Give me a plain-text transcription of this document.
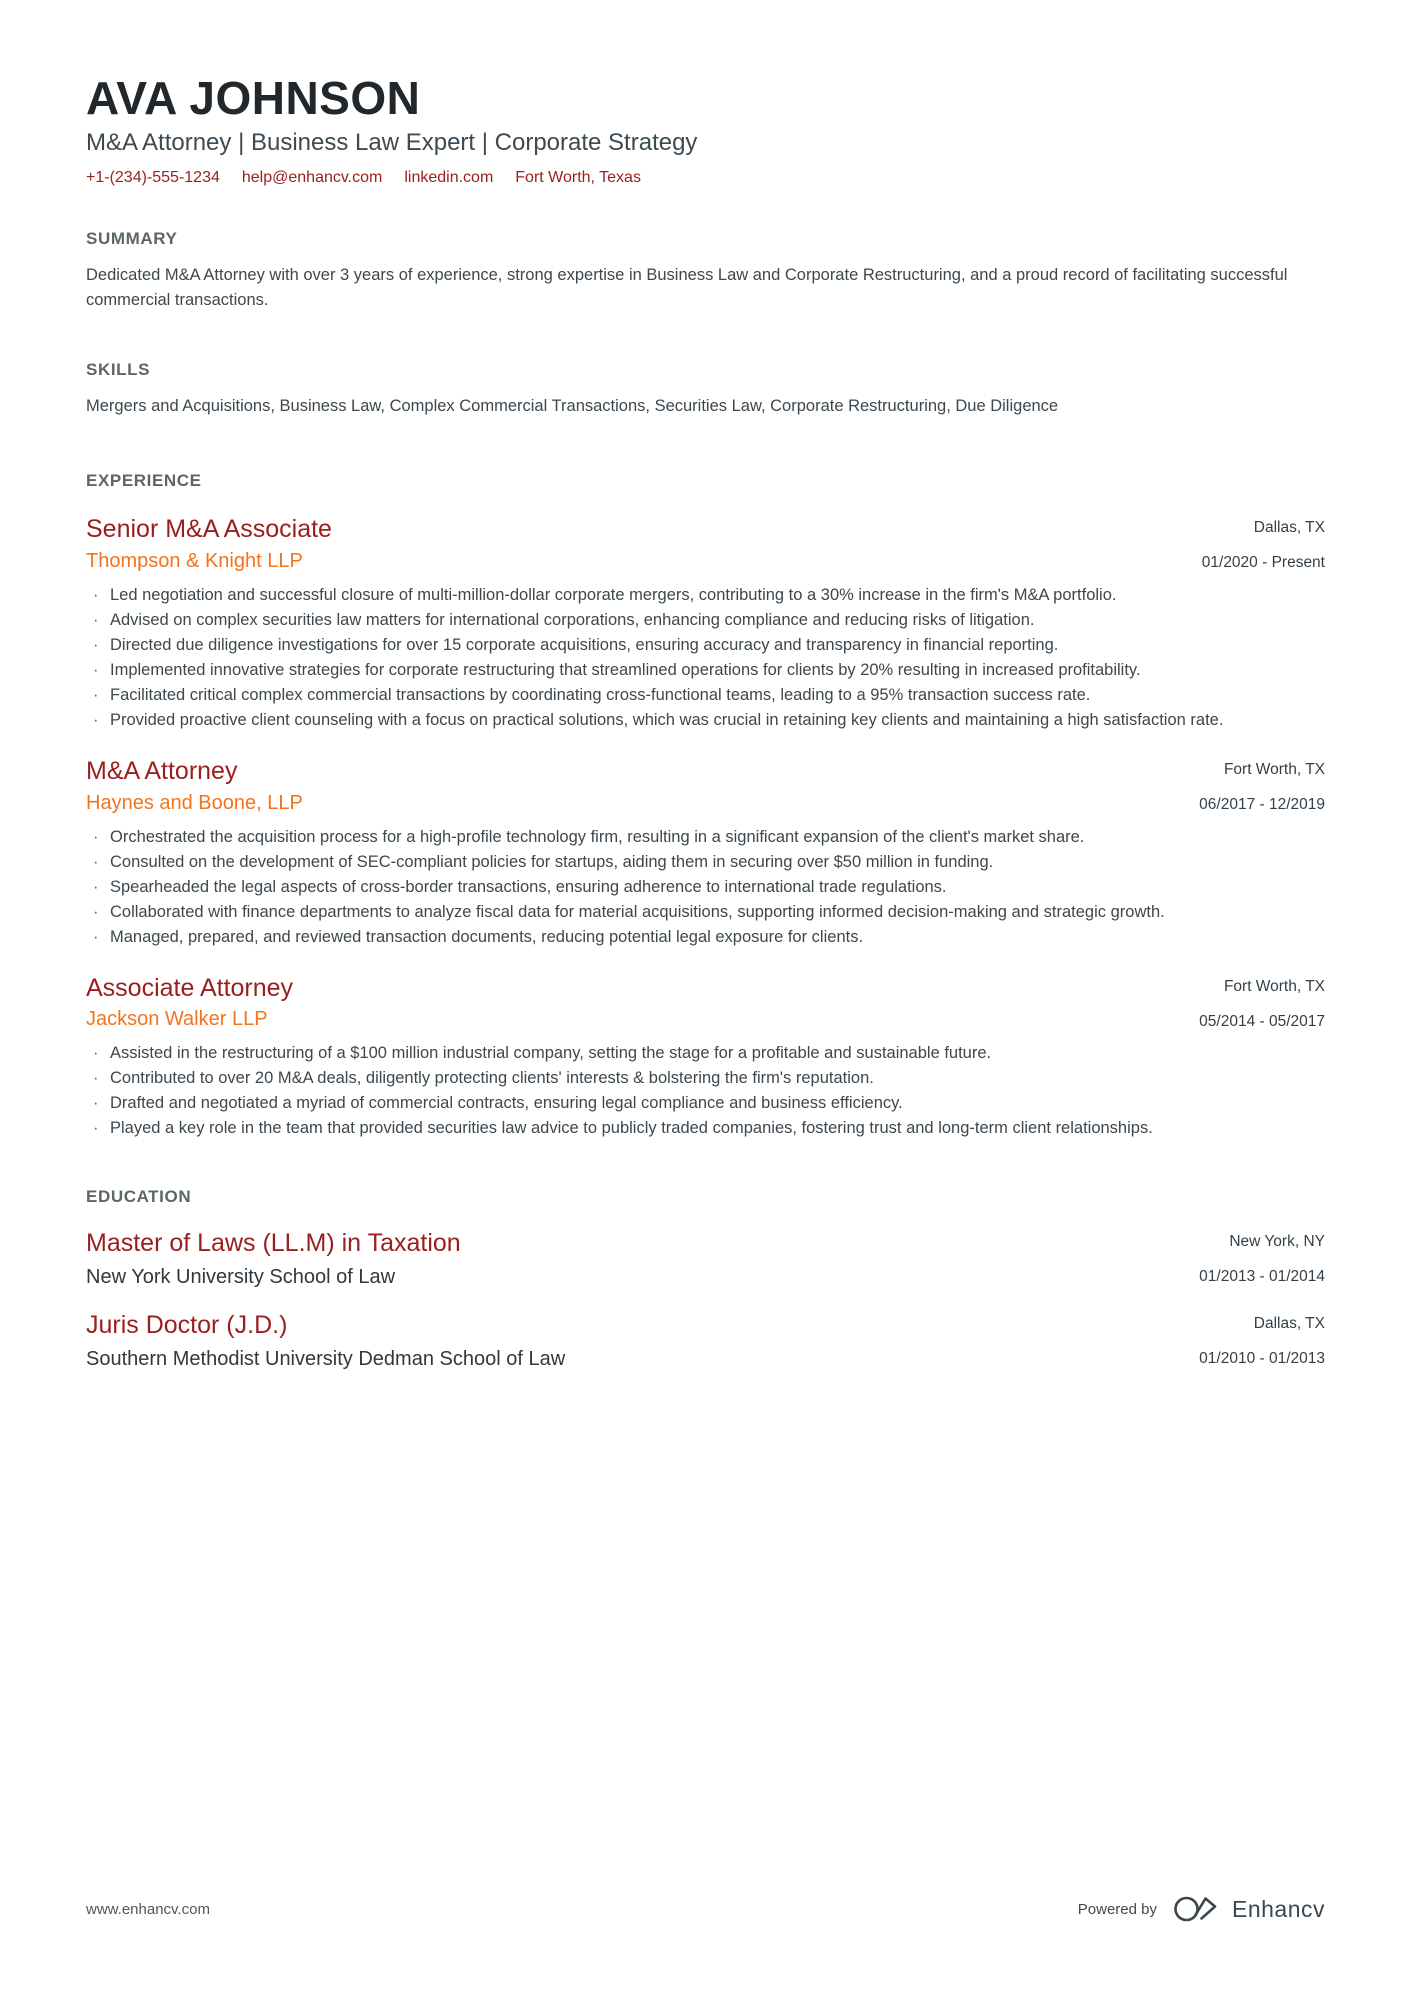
AVA JOHNSON
M&A Attorney | Business Law Expert | Corporate Strategy
+1-(234)-555-1234 help@enhancv.com linkedin.com Fort Worth, Texas
SUMMARY

Dedicated M&A Attorney with over 3 years of experience, strong expertise in Business Law and Corporate Restructuring, and a proud record of facilitating successful commercial transactions.

SKILLS

Mergers and Acquisitions, Business Law, Complex Commercial Transactions, Securities Law, Corporate Restructuring, Due Diligence

EXPERIENCE
Senior M&A Associate
Thompson & Knight LLP
Dallas, TX
01/2020 - Present
· Led negotiation and successful closure of multi-million-dollar corporate mergers, contributing to a 30% increase in the firm's M&A portfolio.
· Advised on complex securities law matters for international corporations, enhancing compliance and reducing risks of litigation.
· Directed due diligence investigations for over 15 corporate acquisitions, ensuring accuracy and transparency in financial reporting.
· Implemented innovative strategies for corporate restructuring that streamlined operations for clients by 20% resulting in increased profitability.
· Facilitated critical complex commercial transactions by coordinating cross-functional teams, leading to a 95% transaction success rate.
· Provided proactive client counseling with a focus on practical solutions, which was crucial in retaining key clients and maintaining a high satisfaction rate.
M&A Attorney
Haynes and Boone, LLP
Fort Worth, TX
06/2017 - 12/2019
· Orchestrated the acquisition process for a high-profile technology firm, resulting in a significant expansion of the client's market share.
· Consulted on the development of SEC-compliant policies for startups, aiding them in securing over $50 million in funding.
· Spearheaded the legal aspects of cross-border transactions, ensuring adherence to international trade regulations.
· Collaborated with finance departments to analyze fiscal data for material acquisitions, supporting informed decision-making and strategic growth.
· Managed, prepared, and reviewed transaction documents, reducing potential legal exposure for clients.
Associate Attorney
Jackson Walker LLP
Fort Worth, TX
05/2014 - 05/2017
· Assisted in the restructuring of a $100 million industrial company, setting the stage for a profitable and sustainable future.
· Contributed to over 20 M&A deals, diligently protecting clients' interests & bolstering the firm's reputation.
· Drafted and negotiated a myriad of commercial contracts, ensuring legal compliance and business efficiency.
· Played a key role in the team that provided securities law advice to publicly traded companies, fostering trust and long-term client relationships.
EDUCATION
Master of Laws (LL.M) in Taxation
New York University School of Law
New York, NY
01/2013 - 01/2014
Juris Doctor (J.D.)
Southern Methodist University Dedman School of Law
Dallas, TX
01/2010 - 01/2013
www.enhancv.com	Powered by	Enhancv
